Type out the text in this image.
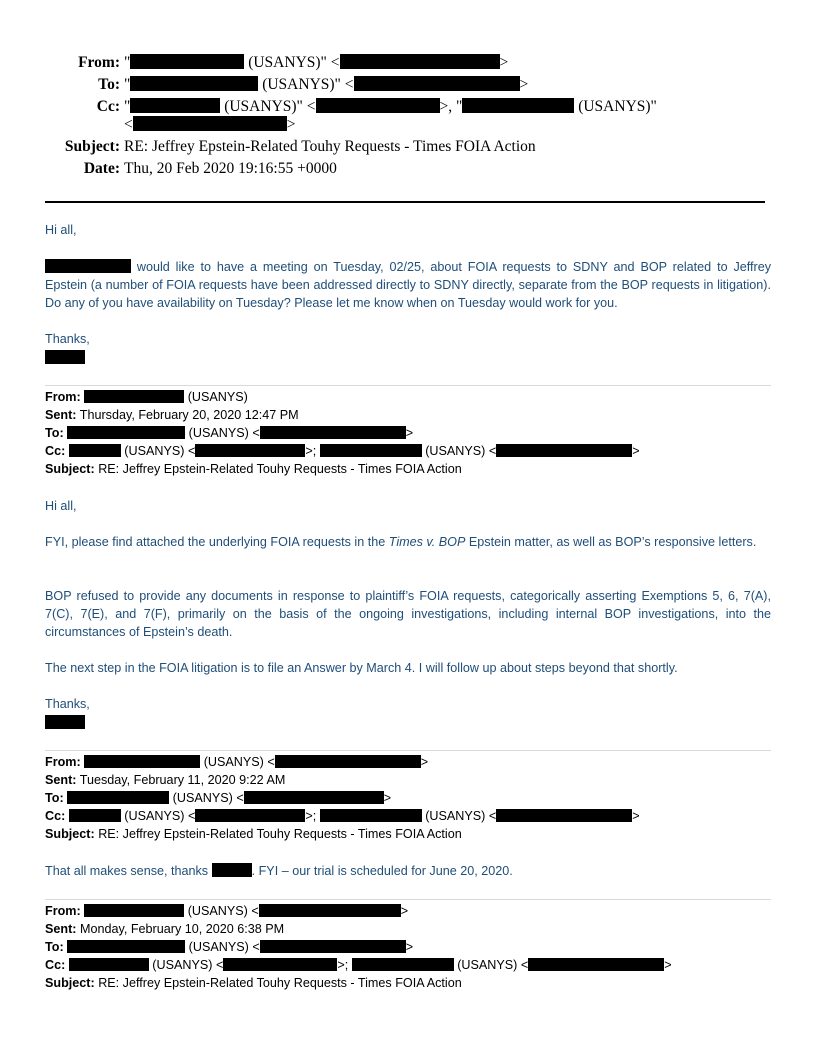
From: "	(USANYS)" <	>
To: "	(USANYS)" <	>
Cc: "	(USANYS)" <	>, "	(USANYS)"
<	>
Subject: RE: Jeffrey Epstein-Related Touhy Requests - Times FOIA Action
Date: Thu, 20 Feb 2020 19:16:55 +0000
Hi all,
would like to have a meeting on Tuesday, 02/25, about FOIA requests to SDNY and BOP related to Jeffrey Epstein (a number of FOIA requests have been addressed directly to SDNY directly, separate from the BOP requests in litigation). Do any of you have availability on Tuesday? Please let me know when on Tuesday would work for you.
Thanks,
From:	(USANYS)
Sent: Thursday, February 20, 2020 12:47 PM
To:	(USANYS) <	>
Cc:	(USANYS) <	>;	(USANYS) <	>
Subject: RE: Jeffrey Epstein-Related Touhy Requests - Times FOIA Action
Hi all,
FYI, please find attached the underlying FOIA requests in the Times v. BOP Epstein matter, as well as BOP’s responsive letters.
BOP refused to provide any documents in response to plaintiff’s FOIA requests, categorically asserting Exemptions 5, 6, 7(A), 7(C), 7(E), and 7(F), primarily on the basis of the ongoing investigations, including internal BOP investigations, into the circumstances of Epstein’s death.
The next step in the FOIA litigation is to file an Answer by March 4. I will follow up about steps beyond that shortly.
Thanks,
From:	(USANYS) <	>
Sent: Tuesday, February 11, 2020 9:22 AM
To:	(USANYS) <	>
Cc:	(USANYS) <	>;	(USANYS) <	>
Subject: RE: Jeffrey Epstein-Related Touhy Requests - Times FOIA Action
That all makes sense, thanks	. FYI – our trial is scheduled for June 20, 2020.
From:	(USANYS) <	>
Sent: Monday, February 10, 2020 6:38 PM
To:	(USANYS) <	>
Cc:	(USANYS) <	>;	(USANYS) <	>
Subject: RE: Jeffrey Epstein-Related Touhy Requests - Times FOIA Action
